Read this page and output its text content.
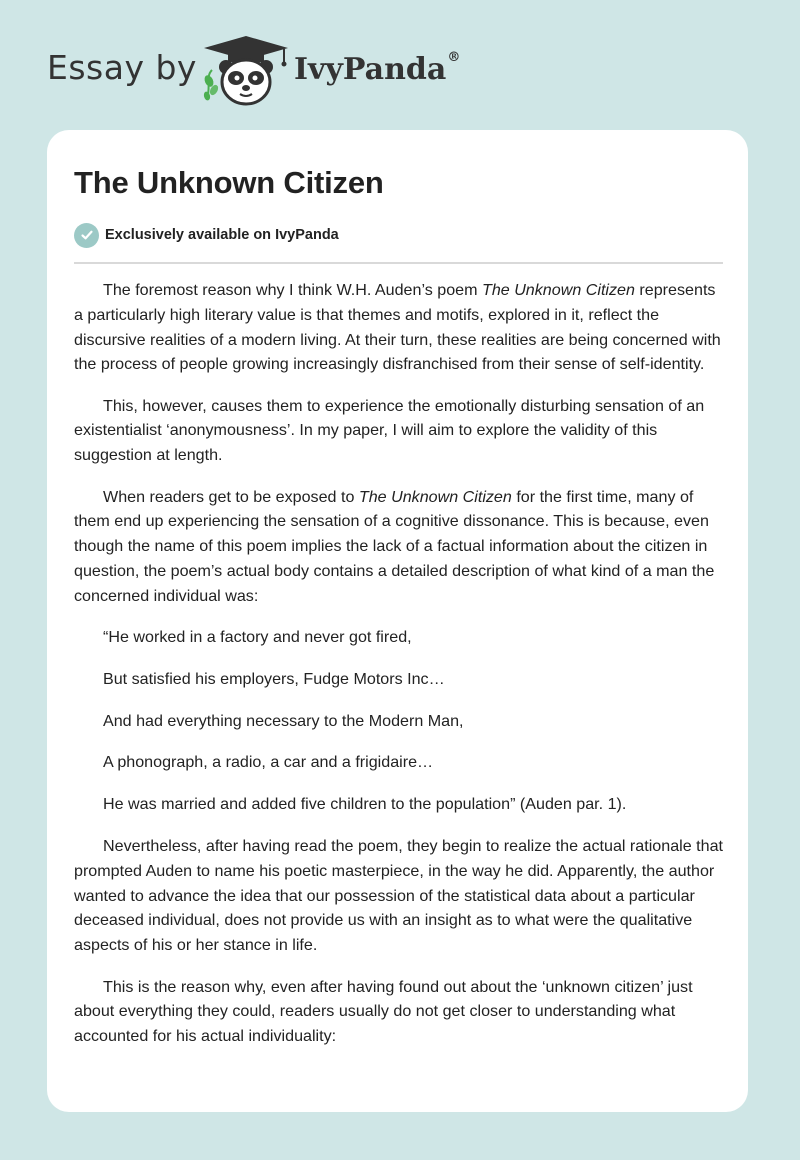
Essay by	IvyPanda®
The Unknown Citizen
Exclusively available on IvyPanda

The foremost reason why I think W.H. Auden’s poem The Unknown Citizen represents a particularly high literary value is that themes and motifs, explored in it, reflect the discursive realities of a modern living. At their turn, these realities are being concerned with the process of people growing increasingly disfranchised from their sense of self-identity.

This, however, causes them to experience the emotionally disturbing sensation of an existentialist ‘anonymousness’. In my paper, I will aim to explore the validity of this suggestion at length.

When readers get to be exposed to The Unknown Citizen for the first time, many of them end up experiencing the sensation of a cognitive dissonance. This is because, even though the name of this poem implies the lack of a factual information about the citizen in question, the poem’s actual body contains a detailed description of what kind of a man the concerned individual was:

“He worked in a factory and never got fired,

But satisfied his employers, Fudge Motors Inc…

And had everything necessary to the Modern Man,

A phonograph, a radio, a car and a frigidaire…

He was married and added five children to the population” (Auden par. 1).

Nevertheless, after having read the poem, they begin to realize the actual rationale that prompted Auden to name his poetic masterpiece, in the way he did. Apparently, the author wanted to advance the idea that our possession of the statistical data about a particular deceased individual, does not provide us with an insight as to what were the qualitative aspects of his or her stance in life.

This is the reason why, even after having found out about the ‘unknown citizen’ just about everything they could, readers usually do not get closer to understanding what accounted for his actual individuality:
